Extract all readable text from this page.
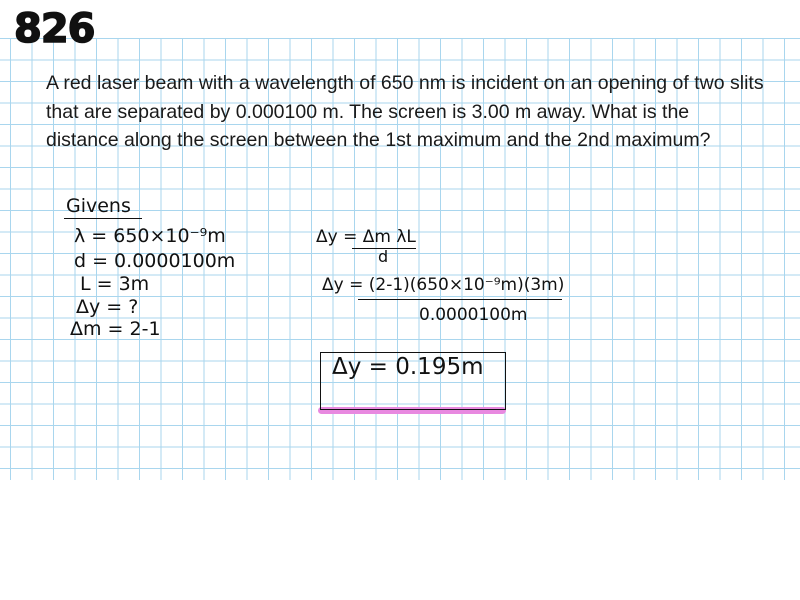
826
A red laser beam with a wavelength of 650 nm is incident on an opening of two slits that are separated by 0.000100 m. The screen is 3.00 m away. What is the distance along the screen between the 1st maximum and the 2nd maximum?
Givens
λ = 650×10⁻⁹m
d = 0.0000100m
L = 3m
Δy = ?
Δm = 2-1
Δy = Δm λL
d
Δy = (2-1)(650×10⁻⁹m)(3m)
0.0000100m
Δy = 0.195m
